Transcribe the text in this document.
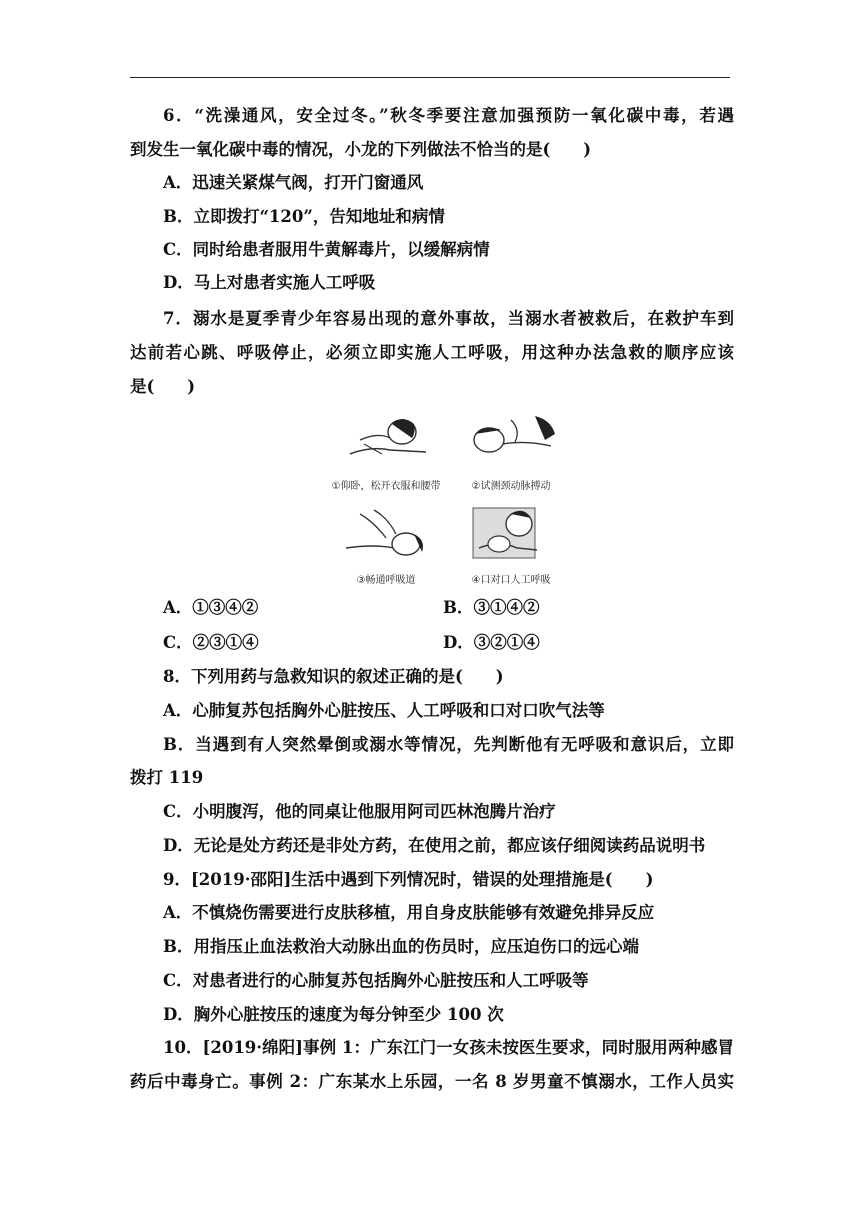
6．“洗澡通风，安全过冬。”秋冬季要注意加强预防一氧化碳中毒，若遇
到发生一氧化碳中毒的情况，小龙的下列做法不恰当的是(　　)
A．迅速关紧煤气阀，打开门窗通风
B．立即拨打“120”，告知地址和病情
C．同时给患者服用牛黄解毒片，以缓解病情
D．马上对患者实施人工呼吸
7．溺水是夏季青少年容易出现的意外事故，当溺水者被救后，在救护车到
达前若心跳、呼吸停止，必须立即实施人工呼吸，用这种办法急救的顺序应该
是(　　)
①仰卧，松开衣服和腰带	②试测颈动脉搏动
③畅通呼吸道	④口对口人工呼吸
A．①③④②	B．③①④②
C．②③①④	D．③②①④
8．下列用药与急救知识的叙述正确的是(　　)
A．心肺复苏包括胸外心脏按压、人工呼吸和口对口吹气法等
B．当遇到有人突然晕倒或溺水等情况，先判断他有无呼吸和意识后，立即
拨打 119
C．小明腹泻，他的同桌让他服用阿司匹林泡腾片治疗
D．无论是处方药还是非处方药，在使用之前，都应该仔细阅读药品说明书
9．[2019·邵阳]生活中遇到下列情况时，错误的处理措施是(　　)
A．不慎烧伤需要进行皮肤移植，用自身皮肤能够有效避免排异反应
B．用指压止血法救治大动脉出血的伤员时，应压迫伤口的远心端
C．对患者进行的心肺复苏包括胸外心脏按压和人工呼吸等
D．胸外心脏按压的速度为每分钟至少 100 次
10．[2019·绵阳]事例 1：广东江门一女孩未按医生要求，同时服用两种感冒
药后中毒身亡。事例 2：广东某水上乐园，一名 8 岁男童不慎溺水，工作人员实
